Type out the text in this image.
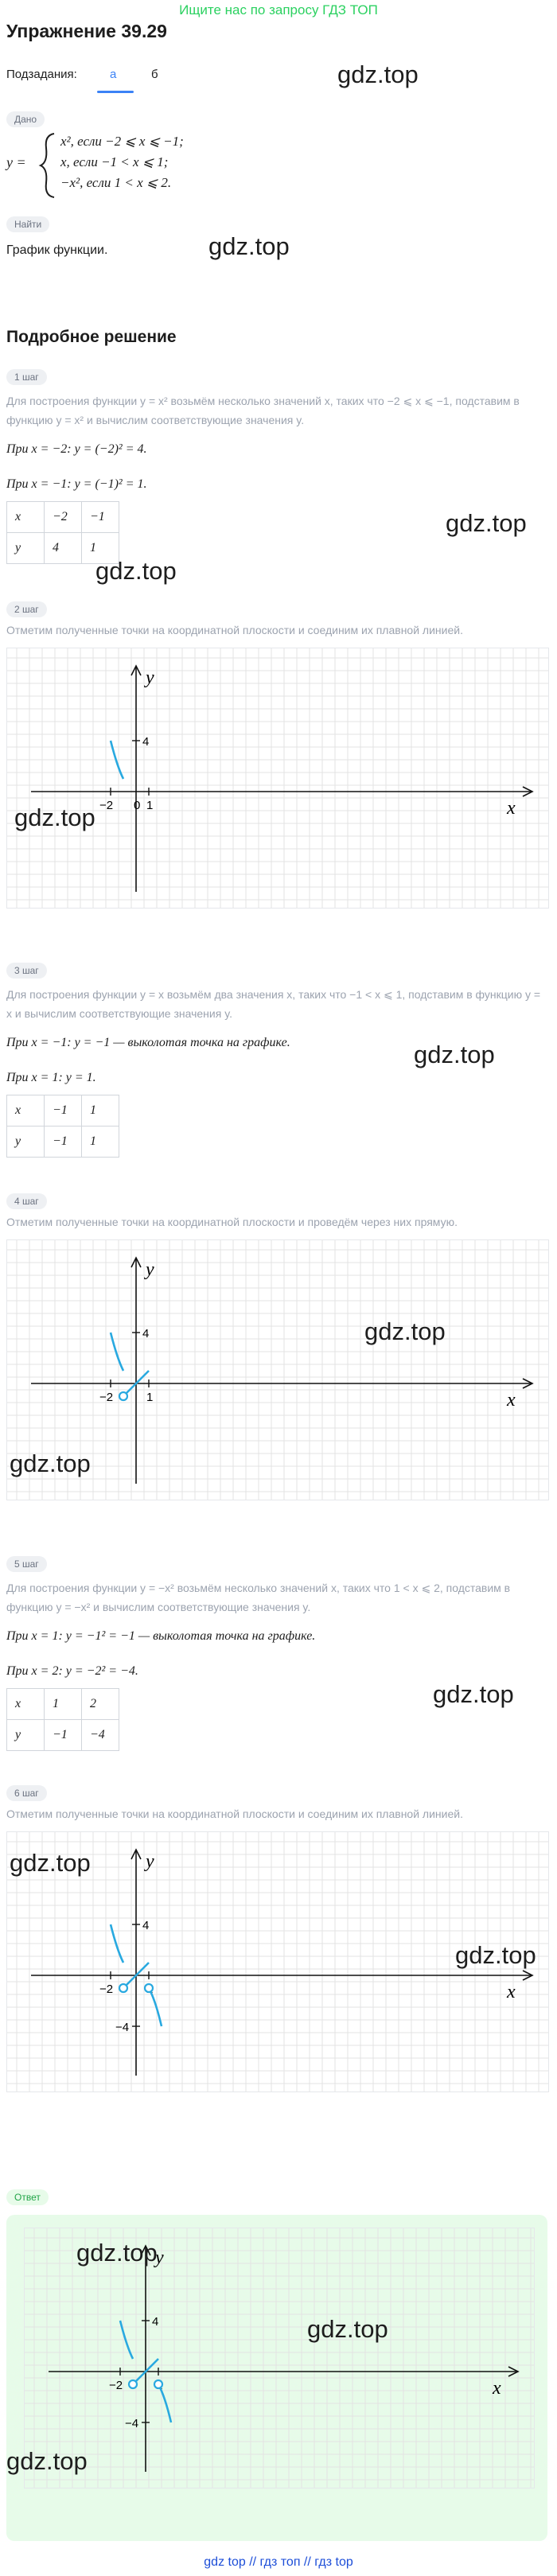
Ищите нас по запросу ГДЗ ТОП
Упражнение 39.29
Подзадания:	а	б	gdz.top
Дано
y =
x², если −2 ⩽ x ⩽ −1;
x, если −1 < x ⩽ 1;
−x², если 1 < x ⩽ 2.
Найти
График функции.	gdz.top
Подробное решение
1 шаг
Для построения функции y = x² возьмём несколько значений x, таких что −2 ⩽ x ⩽ −1, подставим в функцию y = x² и вычислим соответствующие значения y.
При x = −2: y = (−2)² = 4.
При x = −1: y = (−1)² = 1.
x	−2	−1
y	4	1
gdz.top
gdz.top
2 шаг
Отметим полученные точки на координатной плоскости и соединим их плавной линией.
x
y
−2 0 1
4
gdz.top
3 шаг
Для построения функции y = x возьмём два значения x, таких что −1 < x ⩽ 1, подставим в функцию y = x и вычислим соответствующие значения y.
При x = −1: y = −1 — выколотая точка на графике.	gdz.top
При x = 1: y = 1.
x	−1	1
y	−1	1
4 шаг
Отметим полученные точки на координатной плоскости и проведём через них прямую.
x
y
−2	1
4	gdz.top
gdz.top
5 шаг
Для построения функции y = −x² возьмём несколько значений x, таких что 1 < x ⩽ 2, подставим в функцию y = −x² и вычислим соответствующие значения y.
При x = 1: y = −1² = −1 — выколотая точка на графике.
При x = 2: y = −2² = −4.
gdz.top
x	1	2
y	−1	−4
6 шаг
Отметим полученные точки на координатной плоскости и соединим их плавной линией.
x
y
−2
4
−4
gdz.top
gdz.top
Ответ
x
y
−2
4
−4
gdz.top
gdz.top
gdz.top
gdz top // гдз топ // гдз top
